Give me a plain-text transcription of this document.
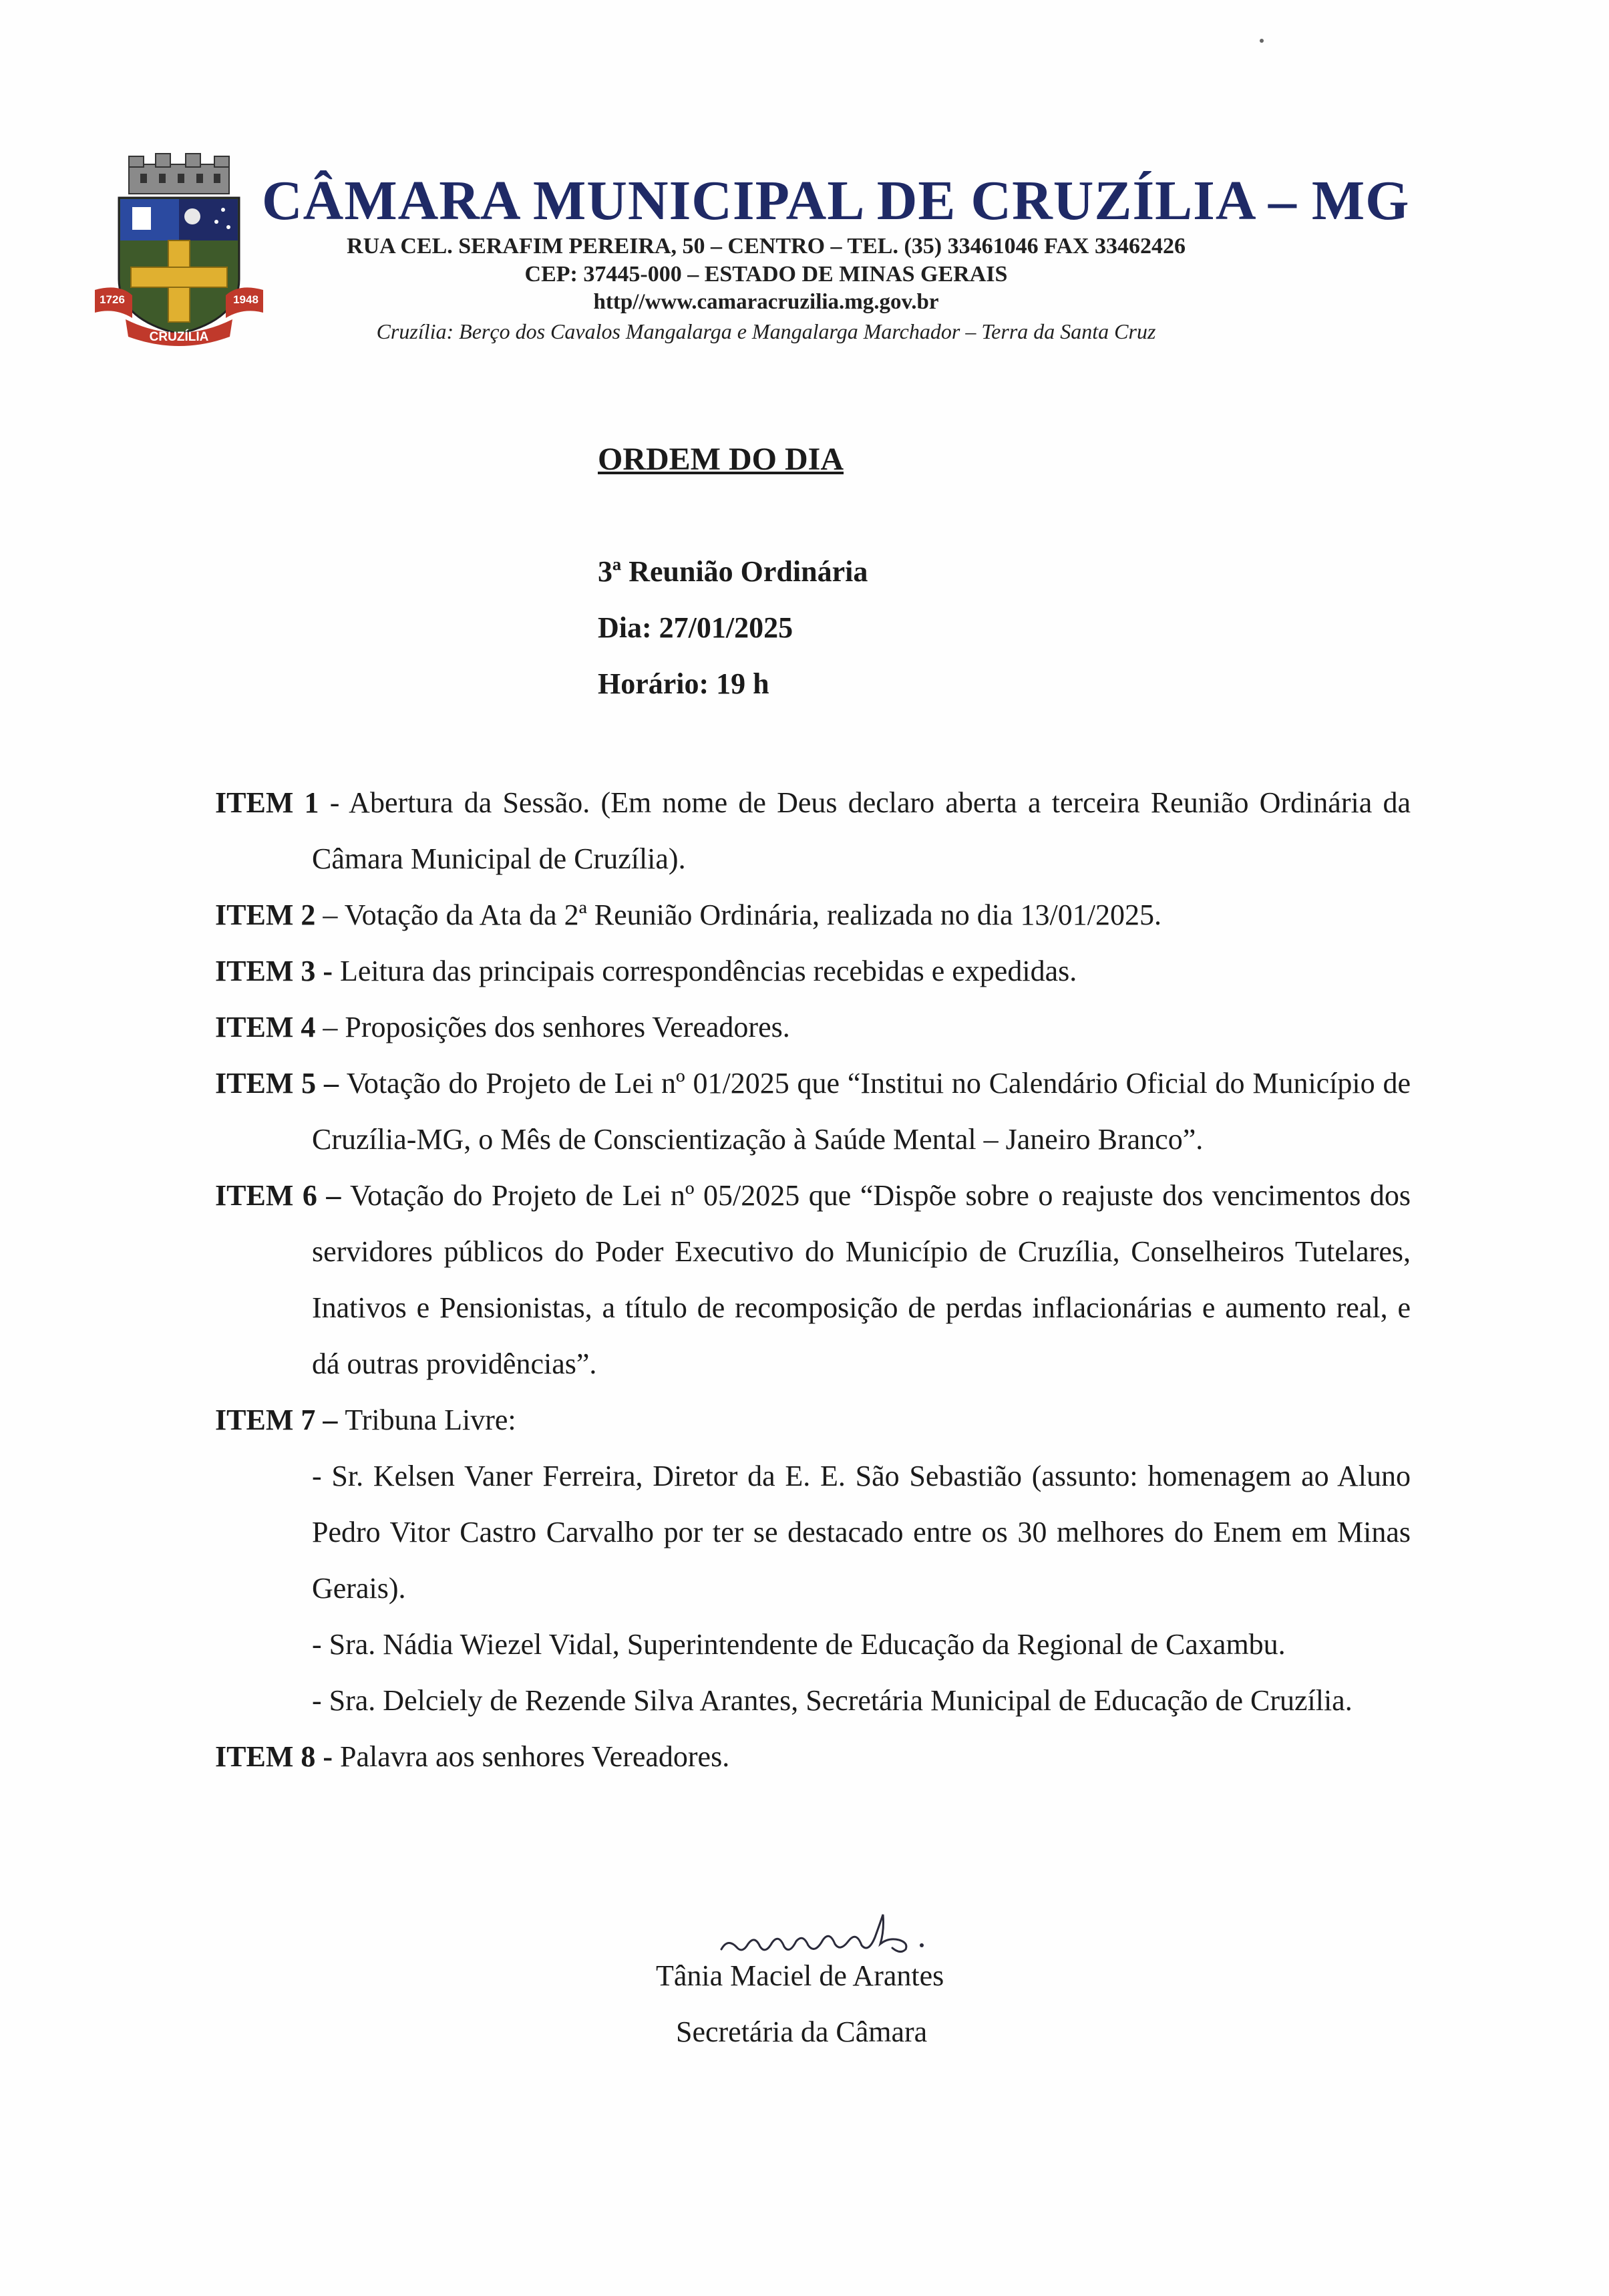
1726	1948
CRUZÍLIA
CÂMARA MUNICIPAL DE CRUZÍLIA – MG
RUA CEL. SERAFIM PEREIRA, 50 – CENTRO – TEL. (35) 33461046 FAX 33462426
CEP: 37445-000 – ESTADO DE MINAS GERAIS
http//www.camaracruzilia.mg.gov.br
Cruzília: Berço dos Cavalos Mangalarga e Mangalarga Marchador – Terra da Santa Cruz
ORDEM DO DIA
3ª Reunião Ordinária
Dia: 27/01/2025
Horário: 19 h

ITEM 1 - Abertura da Sessão. (Em nome de Deus declaro aberta a terceira Reunião Ordinária da Câmara Municipal de Cruzília).

ITEM 2 – Votação da Ata da 2ª Reunião Ordinária, realizada no dia 13/01/2025.

ITEM 3 - Leitura das principais correspondências recebidas e expedidas.

ITEM 4 – Proposições dos senhores Vereadores.

ITEM 5 – Votação do Projeto de Lei nº 01/2025 que “Institui no Calendário Oficial do Município de Cruzília-MG, o Mês de Conscientização à Saúde Mental – Janeiro Branco”.

ITEM 6 – Votação do Projeto de Lei nº 05/2025 que “Dispõe sobre o reajuste dos vencimentos dos servidores públicos do Poder Executivo do Município de Cruzília, Conselheiros Tutelares, Inativos e Pensionistas, a título de recomposição de perdas inflacionárias e aumento real, e dá outras providências”.

ITEM 7 – Tribuna Livre:

- Sr. Kelsen Vaner Ferreira, Diretor da E. E. São Sebastião (assunto: homenagem ao Aluno Pedro Vitor Castro Carvalho por ter se destacado entre os 30 melhores do Enem em Minas Gerais).

- Sra. Nádia Wiezel Vidal, Superintendente de Educação da Regional de Caxambu.

- Sra. Delciely de Rezende Silva Arantes, Secretária Municipal de Educação de Cruzília.

ITEM 8 - Palavra aos senhores Vereadores.

Tânia Maciel de Arantes
Secretária da Câmara
